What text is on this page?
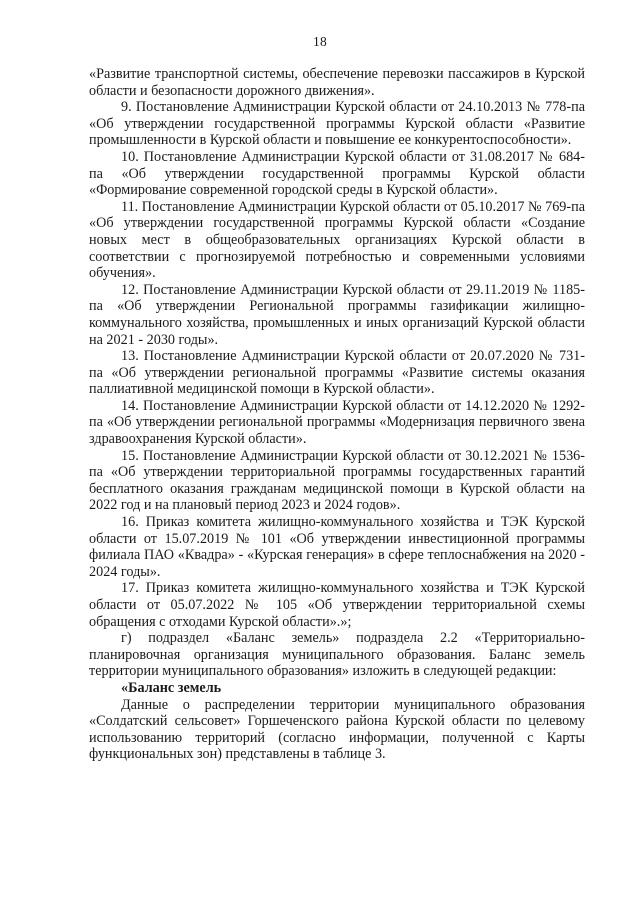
18

«Развитие транспортной системы, обеспечение перевозки пассажиров в Курской области и безопасности дорожного движения».

9. Постановление Администрации Курской области от 24.10.2013 № 778-па «Об утверждении государственной программы Курской области «Развитие промышленности в Курской области и повышение ее конкурентоспособности».

10. Постановление Администрации Курской области от 31.08.2017 № 684-па «Об утверждении государственной программы Курской области «Формирование современной городской среды в Курской области».

11. Постановление Администрации Курской области от 05.10.2017 № 769-па «Об утверждении государственной программы Курской области «Создание новых мест в общеобразовательных организациях Курской области в соответствии с прогнозируемой потребностью и современными условиями обучения».

12. Постановление Администрации Курской области от 29.11.2019 № 1185-па «Об утверждении Региональной программы газификации жилищно-коммунального хозяйства, промышленных и иных организаций Курской области на 2021 - 2030 годы».

13. Постановление Администрации Курской области от 20.07.2020 № 731-па «Об утверждении региональной программы «Развитие системы оказания паллиативной медицинской помощи в Курской области».

14. Постановление Администрации Курской области от 14.12.2020 № 1292-па «Об утверждении региональной программы «Модернизация первичного звена здравоохранения Курской области».

15. Постановление Администрации Курской области от 30.12.2021 № 1536-па «Об утверждении территориальной программы государственных гарантий бесплатного оказания гражданам медицинской помощи в Курской области на 2022 год и на плановый период 2023 и 2024 годов».

16. Приказ комитета жилищно-коммунального хозяйства и ТЭК Курской области от 15.07.2019 № 101 «Об утверждении инвестиционной программы филиала ПАО «Квадра» - «Курская генерация» в сфере теплоснабжения на 2020 - 2024 годы».

17. Приказ комитета жилищно-коммунального хозяйства и ТЭК Курской области от 05.07.2022 № 105 «Об утверждении территориальной схемы обращения с отходами Курской области».»;

г) подраздел «Баланс земель» подраздела 2.2 «Территориально-планировочная организация муниципального образования. Баланс земель территории муниципального образования» изложить в следующей редакции:

«Баланс земель

Данные о распределении территории муниципального образования «Солдатский сельсовет» Горшеченского района Курской области по целевому использованию территорий (согласно информации, полученной с Карты функциональных зон) представлены в таблице 3.
